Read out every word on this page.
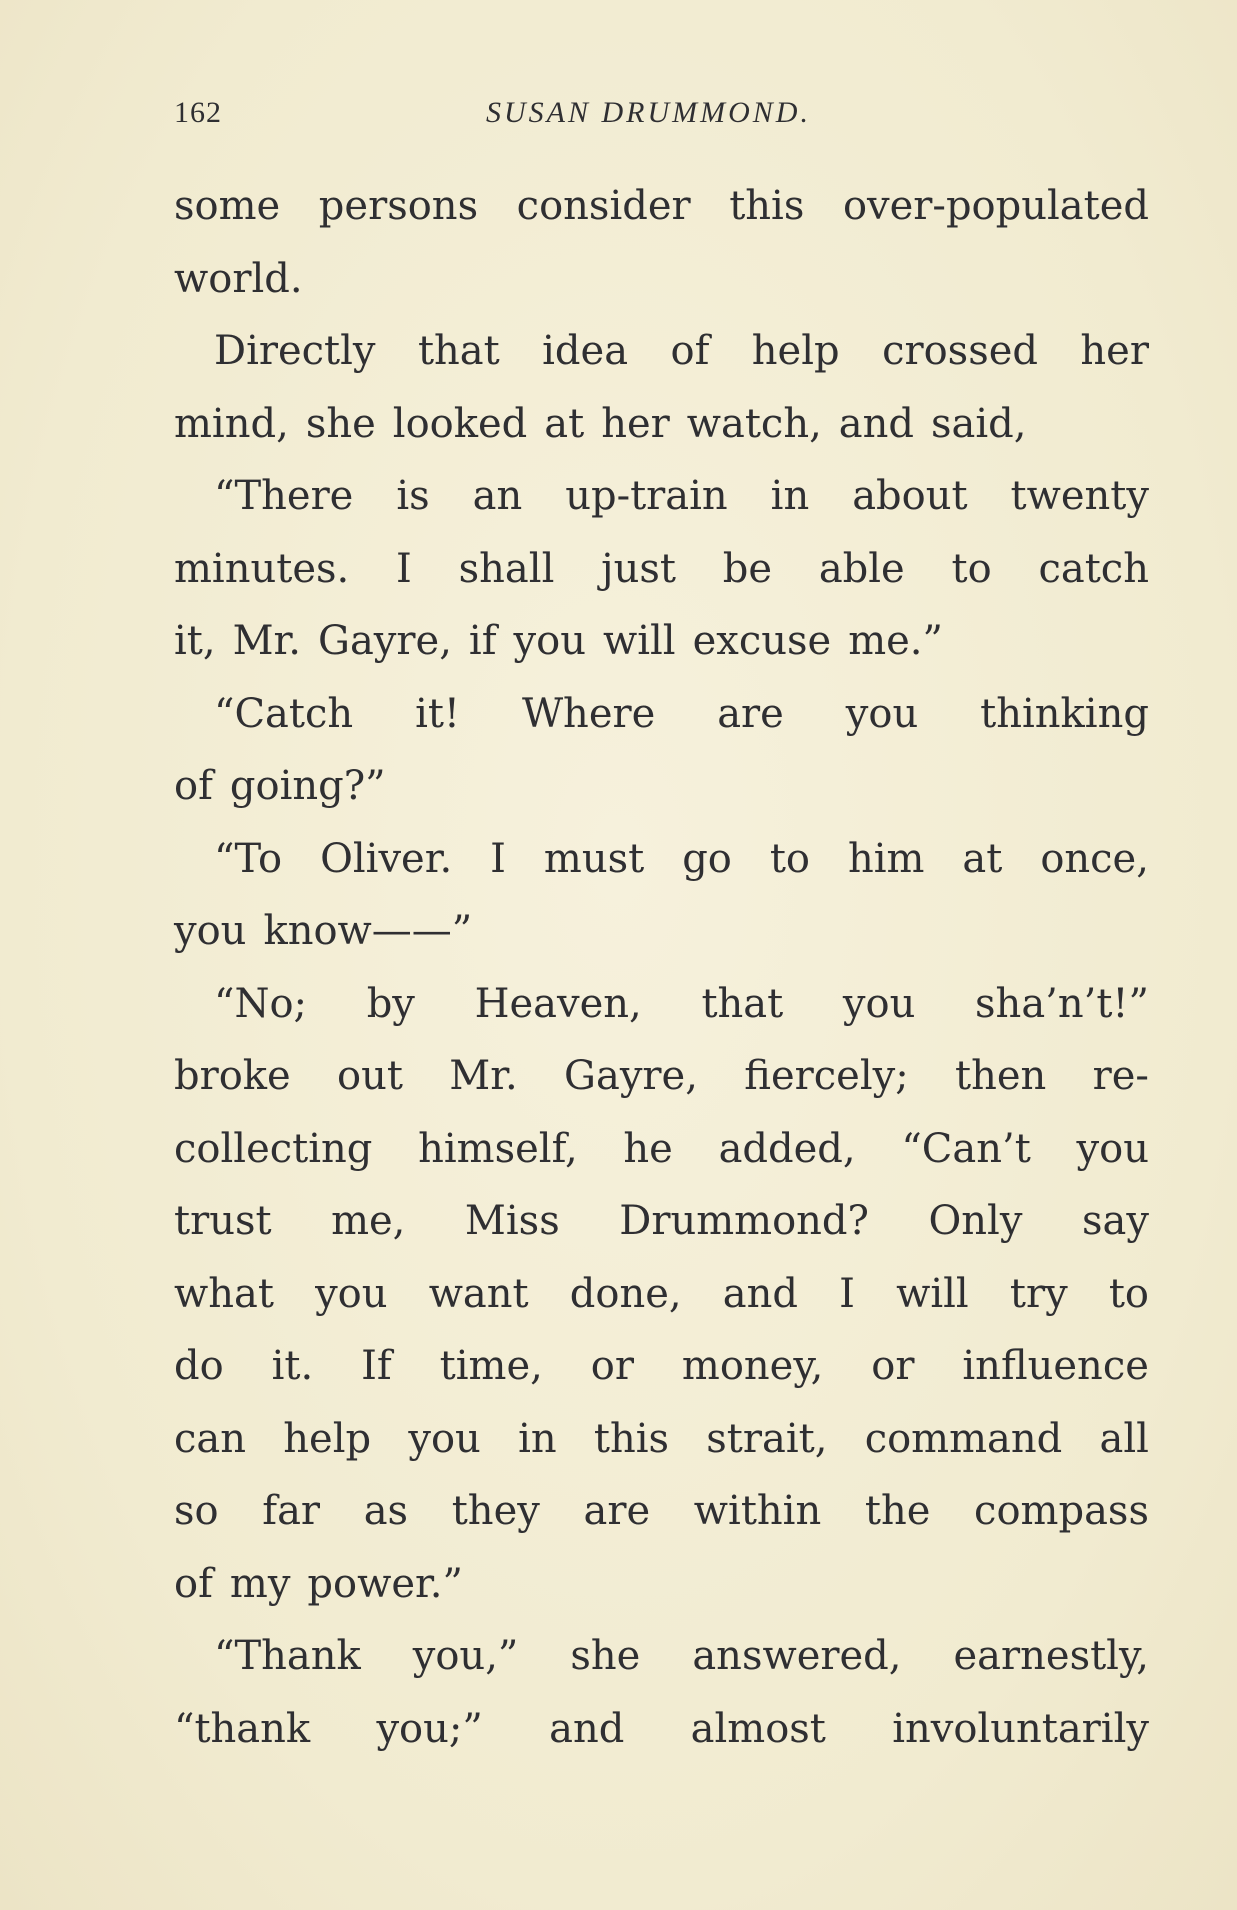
162	SUSAN DRUMMOND.
some persons consider this over-populated
world.
Directly that idea of help crossed her
mind, she looked at her watch, and said,
“There is an up-train in about twenty
minutes. I shall just be able to catch
it, Mr. Gayre, if you will excuse me.”
“Catch it! Where are you thinking
of going?”
“To Oliver. I must go to him at once,
you know——”
“No; by Heaven, that you sha’n’t!”
broke out Mr. Gayre, fiercely; then re-
collecting himself, he added, “Can’t you
trust me, Miss Drummond? Only say
what you want done, and I will try to
do it. If time, or money, or influence
can help you in this strait, command all
so far as they are within the compass
of my power.”
“Thank you,” she answered, earnestly,
“thank you;” and almost involuntarily
